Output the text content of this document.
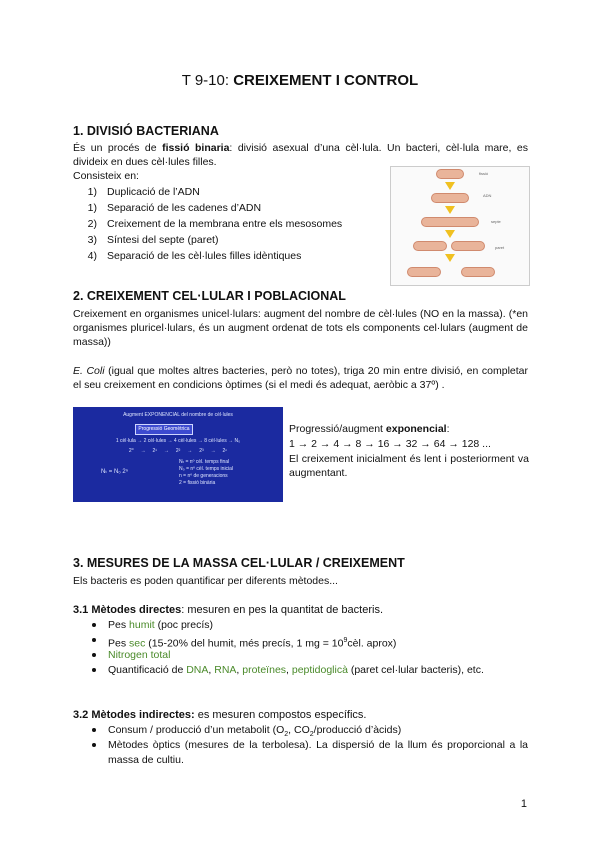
T 9-10: CREIXEMENT I CONTROL
1. DIVISIÓ BACTERIANA

És un procés de fissió binaria: divisió asexual d’una cèl·lula. Un bacteri, cèl·lula mare, es divideix en dues cèl·lules filles.

Consisteix en:

1) Duplicació de l’ADN
1) Separació de les cadenes d’ADN
2) Creixement de la membrana entre els mesosomes
3) Síntesi del septe (paret)
4) Separació de les cèl·lules filles idèntiques
fissió
ADN
septe
paret
2. CREIXEMENT CEL·LULAR I POBLACIONAL

Creixement en organismes unicel·lulars: augment del nombre de cèl·lules (NO en la massa). (*en organismes pluricel·lulars, és un augment ordenat de tots els components cel·lulars (augment de massa))

E. Coli (igual que moltes altres bacteries, però no totes), triga 20 min entre divisió, en completar el seu creixement en condicions òptimes (si el medi és adequat, aeròbic a 37º) .

Augment EXPONENCIAL del nombre de cèl·lules
Progressió Geomètrica
1 cèl·lula → 2 cèl·lules → 4 cèl·lules → 8 cèl·lules → N₀
2⁰     →     2¹     →     2²     →     2³     →     2ⁿ
Nₜ = N₀ 2ⁿ
Nₜ = nº cèl. temps final
N₀ = nº cèl. temps inicial
n = nº de generacions
2 = fissió binària
Progressió/augment exponencial:
1 → 2 → 4 → 8 → 16 → 32 → 64 → 128 ...
El creixement inicialment és lent i posteriorment va augmentant.
3. MESURES DE LA MASSA CEL·LULAR / CREIXEMENT

Els bacteris es poden quantificar per diferents mètodes...

3.1 Mètodes directes: mesuren en pes la quantitat de bacteris.
Pes humit (poc precís)
Pes sec (15-20% del humit, més precís, 1 mg = $10^9cèl$. aprox)
Nitrogen total
Quantificació de DNA, RNA, proteïnes, peptidoglicà (paret cel·lular bacteris), etc.
3.2 Mètodes indirectes: es mesuren compostos específics.
Consum / producció d’un metabolit ($O_2$, $CO_2$/producció d’àcids)
Mètodes òptics (mesures de la terbolesa). La dispersió de la llum és proporcional a la massa de cultiu.
1
